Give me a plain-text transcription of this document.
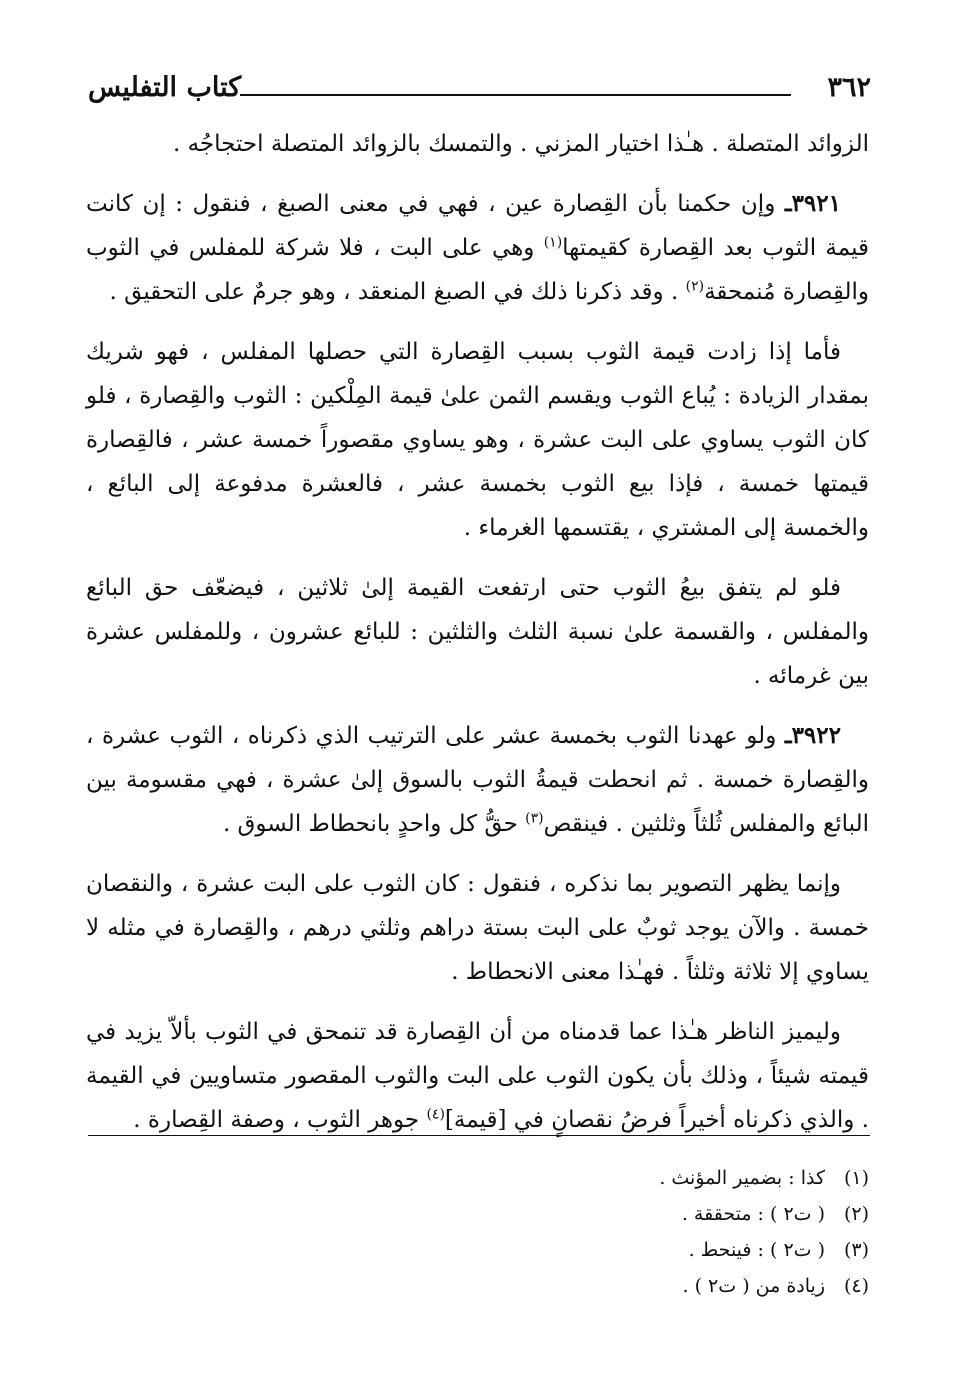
٣٦٢
كتاب التفليس

الزوائد المتصلة . هـٰذا اختيار المزني . والتمسك بالزوائد المتصلة احتجاجُه .

٣٩٢١ـ وإن حكمنا بأن القِصارة عين ، فهي في معنى الصبغ ، فنقول : إن كانت قيمة الثوب بعد القِصارة كقيمتها$^{(١)}$ وهي على البت ، فلا شركة للمفلس في الثوب والقِصارة مُنمحقة$^{(٢)}$ . وقد ذكرنا ذلك في الصبغ المنعقد ، وهو جرمٌ على التحقيق .

فأما إذا زادت قيمة الثوب بسبب القِصارة التي حصلها المفلس ، فهو شريك بمقدار الزيادة : يُباع الثوب ويقسم الثمن علىٰ قيمة المِلْكين : الثوب والقِصارة ، فلو كان الثوب يساوي على البت عشرة ، وهو يساوي مقصوراً خمسة عشر ، فالقِصارة قيمتها خمسة ، فإذا بيع الثوب بخمسة عشر ، فالعشرة مدفوعة إلى البائع ، والخمسة إلى المشتري ، يقتسمها الغرماء .

فلو لم يتفق بيعُ الثوب حتى ارتفعت القيمة إلىٰ ثلاثين ، فيضعّف حق البائع والمفلس ، والقسمة علىٰ نسبة الثلث والثلثين : للبائع عشرون ، وللمفلس عشرة بين غرمائه .

٣٩٢٢ـ ولو عهدنا الثوب بخمسة عشر على الترتيب الذي ذكرناه ، الثوب عشرة ، والقِصارة خمسة . ثم انحطت قيمةُ الثوب بالسوق إلىٰ عشرة ، فهي مقسومة بين البائع والمفلس ثُلثاً وثلثين . فينقص$^{(٣)}$ حقُّ كل واحدٍ بانحطاط السوق .

وإنما يظهر التصوير بما نذكره ، فنقول : كان الثوب على البت عشرة ، والنقصان خمسة . والآن يوجد ثوبٌ على البت بستة دراهم وثلثي درهم ، والقِصارة في مثله لا يساوي إلا ثلاثة وثلثاً . فهـٰذا معنى الانحطاط .

وليميز الناظر هـٰذا عما قدمناه من أن القِصارة قد تنمحق في الثوب بألاّ يزيد في قيمته شيئاً ، وذلك بأن يكون الثوب على البت والثوب المقصور متساويين في القيمة . والذي ذكرناه أخيراً فرضُ نقصانٍ في [قيمة]$^{(٤)}$ جوهر الثوب ، وصفة القِصارة .

(١)كذا : بضمير المؤنث .
(٢)( ت٢ ) : متحققة .
(٣)( ت٢ ) : فينحط .
(٤)زيادة من ( ت٢ ) .
